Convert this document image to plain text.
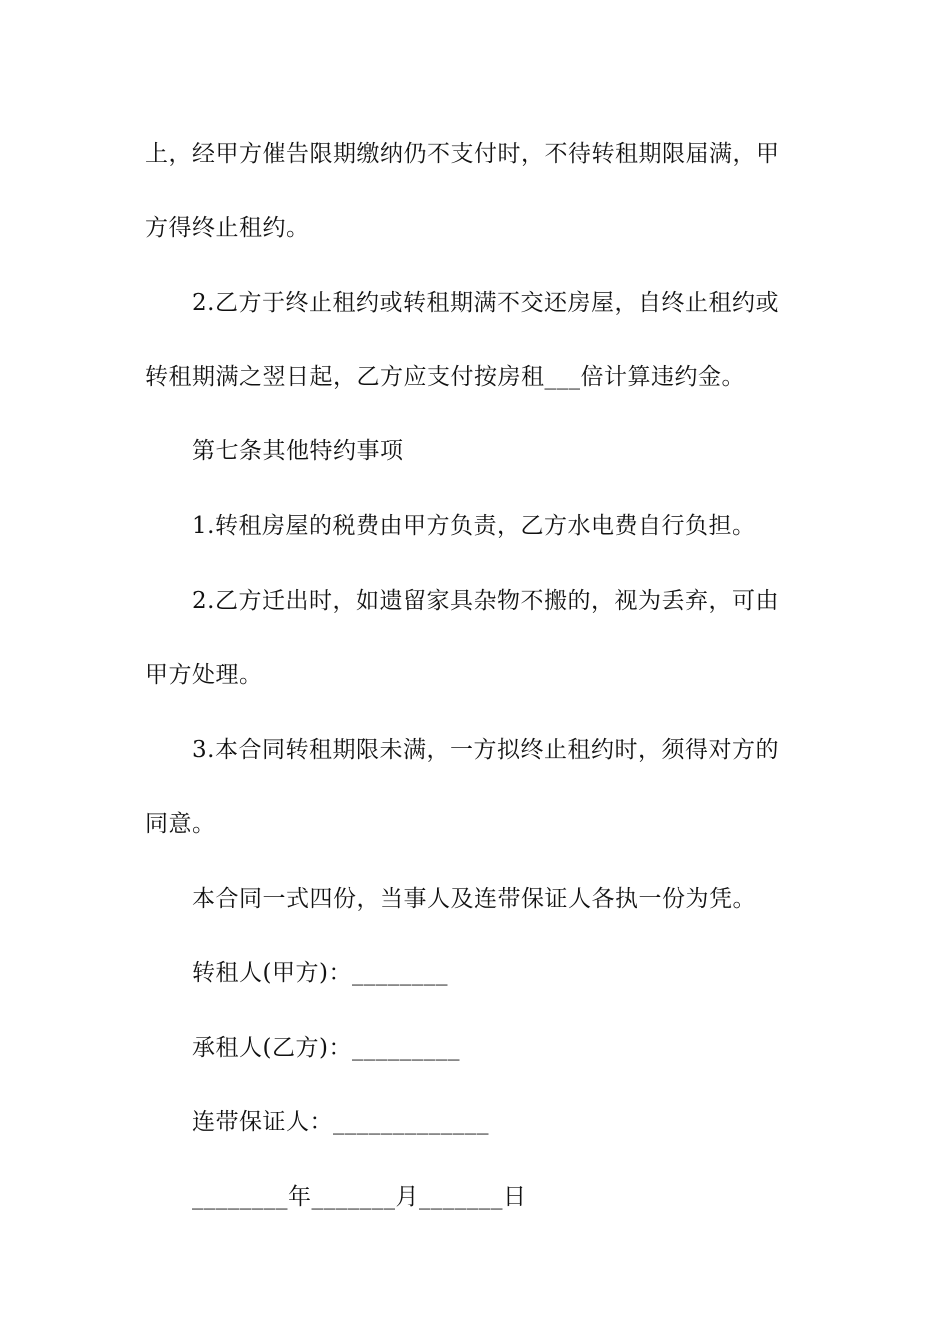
上，经甲方催告限期缴纳仍不支付时，不待转租期限届满，甲
方得终止租约。
2.乙方于终止租约或转租期满不交还房屋，自终止租约或
转租期满之翌日起，乙方应支付按房租___倍计算违约金。
第七条其他特约事项
1.转租房屋的税费由甲方负责，乙方水电费自行负担。
2.乙方迁出时，如遗留家具杂物不搬的，视为丢弃，可由
甲方处理。
3.本合同转租期限未满，一方拟终止租约时，须得对方的
同意。
本合同一式四份，当事人及连带保证人各执一份为凭。
转租人(甲方)：________
承租人(乙方)：_________
连带保证人：_____________
________年_______月_______日
